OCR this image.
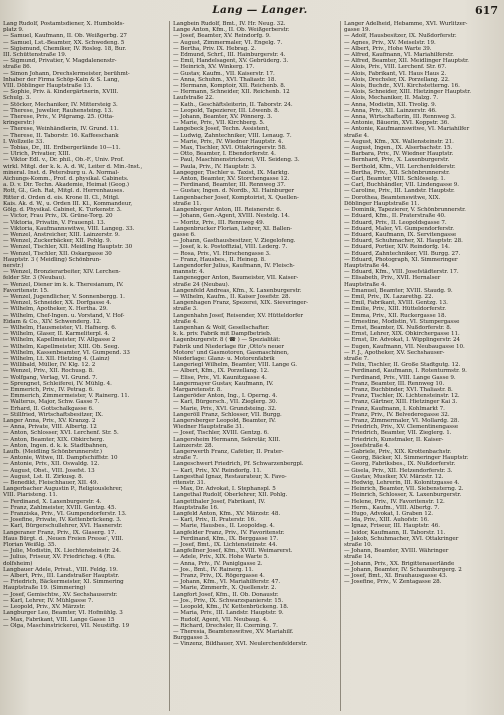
Lang — Langer.	617
Lang Rudolf, Postamtsdiener, X. Humbolds-
platz 9.
— Samuel, Kaufmann, II. Ob. Weißgerbg. 27
— Samuel, Lst.-Beamter, XX. Schwedeng. 5
— Sigismund, Chemiker, IV. Rosleg. 18, Bur.
III. Schüttenstraße 19.
— Sigmund, Privatier, V. Magdalenenstr-
straße 86.
— Simon Johann, Drechslermeister, berühmt-
Inhaber der Firma Schöp-Kain & S. Lang,
VIII. Döblinger Hauptstraße 13.
— Sophie, Priv. ä. Kindergärtnerin, XVIII.
Schulg. 3.
— Stöcker, Mechaniker, IV. Mittersteig 3.
— Therese, Juwelier, Rauhensteing. 13.
— Therese, Priv., V. Pilgramg. 25. (Otta-
kringerstr.)
— Therese, Weinhändlerin, IV. Grund. 11.
— Therese, II. Taborstr. 16. Kaffeeschank
I. Wollzeile 33.
— Tobias, Dr., III. Erdbergerlände 10—11.
— Ulrich, Privatier, XIII.
— Viktor Edl. v., Dr. phil., Ob.-F., Univ. Prof.
wirkl. Mitgl. der k. k. A. d. W., Leiter d. Min.-Inst.,
mineral. Inst. d. Petersburg u. A. Normal-
Aichungs-Komm., Prof. d. physikal. Cabinets.
a. D. v. Dir. Techn. Akademie, Heimat (Geog.)
Rott, Gl., Geh. Rat, Mitgl. d. Herrenhauses.
Ritter d. Orden d. eis. Krone II. Cl., Mitgl.
Kais. Ak. d. W., u. Orden III. Kl., Kommandeur,
Gölg. d. Physikal. Cabinet, K. Turkenstr. 3.
— Victor, Frau Priv., IX. Grüne-Torg. 20
— Viktoria, Privatin, V. Frauenpl. 13.
— Viktoria, Kaufmannswitwe, VIII. Langeg. 33.
— Wenzel, Anstreicher, XIII. Lainzerstr. 9.
— Wenzel, Zuckerbäcker, XII. Pohlg. 9.
— Wenzel, Tischler, XII. Meidling Hauptstr. 30
— Wenzel, Tischler, XII. Oskargasse 30
Hauptstr. 3 ( Meidling) Schönbrun-
nerstr.)
— Wenzel, Bronzierarbeiter, XIV. Lerchen-
felder Str. 3 (Neubau).
— Wenzel, Diener im k. k. Theresianum, IV.
Favoritenstr. 15.
— Wenzel, Jugendlicher, V. Sonnenbergg. 1.
— Wenzel, Schneider, XX. Dorfgasse 4.
— Wilhelm, Apotheker, X. Hertha. 29.
— Wilhelm, Chef-Ingen. u. Vorstand, V. Hof-
Eidam & Co., XIV. Schwenderg. 12.
— Wilhelm, Hausmeister, VI. Hafnerg. 6.
— Wilhelm, Glaser, II. Karmeliterpl. 4.
— Wilhelm, Kapellmeister, IV. Allgasse 2
— Wilhelm, Kapellmeister, XIII. Ob. Seeg.
— Wilhelm, Kassenbeamter, VI. Gumpend. 33
— Wilhelm, Lt. XII. Hietzing 4. (Lainz)
— Willibald, Müller, IV. Klg. 12. 2
— Wenzel, Priv., XII. Rochusg. 8.
— Wolfgang, Verlag, VI. Grund. 7.
— Sprengnet, Schleiferei, IV. Mühlg. 4.
— Emmerich, Priv., IV. Petrag. 6.
— Emmerich, Zimmermeister, V. Rainerg. 11.
— Walterus, Major, Schw. Gasse 7.
— Erhard, II. Gottschalkgasse 6.
— Stillfried, Wirtschaftsbesitzer, IX.
Langer Anna, Priv., XV. Kranzg. 2
— Anna, Private, VIII. Albertg. 12
— Anton, Schlosser, XVI. Lerchenf. Str. 5.
— Anton, Beamter, XIX. Obkircherg.
— Anton, Ingen. d. k. k. Stadtbahnen,
Laufb. (Meidling Schönbrunnerstr.)
— Antonie, Witwe, III. Dampfschiffstr. 10
— Antonie, Priv., XII. Oswaldg. 12.
— August, Obst., VIII. Josefst. 13
— August, Lst. II. Zirkusg. 8.
— Benedikt, Fleischhauer, XII. 49.
Langerbacher Augustin P., Religiouslehrer,
VIII. Piaristeng. 11.
— Ferdinand, X. Laxenburgerstr. 4.
— Franz, Zahlmeister, XVIII. Gentzg. 45.
— Franziska, Priv., VI. Gumpendorferstr. 13.
— Josefine, Private, IV. Kettenbrückeng. 3.
— Karl, Bürgerschullehrer, XVI. Hasnerstr.
Langeraner Franz, Priv., IX. Glaserg. 17.
Haus Bürgt. d. ‚Neuen Freien Presse‘, VIII.
Florian Weißlg. 35.
— Julie, Modistin, IX. Liechtensteinstr. 24.
— Julius, Friseur, XV. Friedrichsg. 4 (Ru.
dolfsheim)
Langbauer Adele, Privat., VIII. Feldg. 19.
— Albert, Priv., III. Landstraßer Hauptstr.
— Friedrich, Bäckermeister, XI. Simmering
Hauptstraße 19. (Simmering)
— Josef, Gemischtw., XV. Sechshauserstr.
— Karl, Lehrer, IV. Mühlgasse 7.
— Leopold, Priv., XV. Märzstr.
Langburger Leo, Beamter, VI. Hofmühlg. 3
— Max, Fabrikant, VIII. Lange Gasse 15
— Olga, Maschinstrickerei, VII. Neustiftg. 19
Langbein Rudolf, Bmt., IV. Hr. Neug. 32.
Lange Anton, Kfm., II. Ob. Weißgerberstr.
— Josef, Beamter, XV. Reindorfg. 9.
— August, Zimmermaler, VI. Engelg. 7.
— Bertha, Priv. IX. Hebrag. 2.
— Edmund, Schrf., III. Hainburgerstr. 4.
— Emil, Handelsagent, XV. Gebrüderg. 3.
— Heinrich, XV. Winkerg. 17.
— Gustav, Kaufm., VII. Kaiserstr. 17.
— Anna, Schuhm., XVI. Thaliastr. 18.
— Hermann, Komptoir, XII. Reichenb. 8.
— Hermann, Schneider, XII. Reichenb. 12
Laufstraße 22.
— Kath., Geschäftsleiterin, II. Taborstr. 24.
— Leopold, Tapezierer, III. Löwenb. 8.
— Johann, Beamter, XV. Pönnerg. 3.
— Marie, Priv., VII. Kirchberg. 5.
Langebeck Josef, Techn. Assistent,
— Ludwig, Zahntechniker, VIII. Lenaug. 7.
— Marie, Priv., IV. Wiedner Hauptstr. 4.
— Max, Tischler, XVI. Ottakringerstr. 58.
— Otto, Beamter, I. Ebendorferstr. 4.
— Paul, Maschinenstrickerei, VII. Seideng. 3.
— Paula, Priv., IV. Hauptstr. 3.
Langegger, Tischler u. Taxist, IX. Marktg.
— Anton, Beamter, XV. Storchengasse 12.
— Ferdinand, Beamter, III. Rennweg 37.
— Gustav, Ingen. d. Nordb., XI. Hainburger
Langenbacher Josef, Komptoirist, X. Quellen-
straße 11.
Langenberger Anton, III. Reisnerstr. 6.
— Johann, Gen.-Agent, XVIII. Nestelg. 14.
— Moritz, Priv., III. Rennweg 49.
Langenbrucker Florian, Lehrer, XI. Ballen-
gasse 6.
— Johann, Gasthausbesitzer, V. Ziegelofeng.
— Josef, k. k. Postoffizial, VIII. Lederg. 7.
— Rosa, Priv., VI. Hirschengasse 3.
— Franz, Hausbes., II. Heineg. 8.
Langendorfer Julius, Kaufmann, IV. Fleisch-
mannstr. 4.
Langenegger Anton, Baumeister, VII. Kaiser-
straße 24 (Neubau).
Langenfeld Andreas, Kfm., X. Laxenburgerstr.
— Wilhelm, Kaufm., II. Kaiser Josefstr. 28.
Langenhagen Franz, Spezerei, XIX. Sieveringer-
straße 3.
Langenhahn Josef, Reisender, XV. Hütteldorfer
straße 4.
Langenhan & Wolf, Gesellschafter.
k. k. priv. Fabrik mit Dampfbetrieb.
Lagenburgerstr. 8 ( ☎ ) — Spezialität:
Fabrik und Niederlage für ,Otto's neuer
Motore' und Gasmotoren, Gasmaschinen,
Niederlage: Glanz- u. Motorenfabrik
Langeriegl Wilhelm, Beamter, VIII. Lange G.
— Albert, Kfm., IX. Porzellang. 12.
— Elise, Priv., VI. Kaunitzgasse 4.
Langermayer Gustav, Kaufmann, IV.
Margaretenstr. 8.
Langeröder Anton, Ing., I. Operng. 4.
— Karl, Bürgersch., VII. Zieglerg. 30.
— Marie, Priv., XVI. Grundsteing. 32.
Langeröll Franz, Schlosser, VII. Burgg.
Langersberger Leopold, Beamter, IV.
Wiedner Hauptstraße 31.
— Josef, Tischler, XVIII. Gentzg. 6.
Langersheim Hermann, Sekretär, XIII.
Lainzerstr. 28.
Langerwerth Franz, Cafétier, II. Prater-
straße 7.
Langeschwert Friedrich, Pf. Schwarzenbergpl.
— Karl, Priv., XV. Reindorfg. 11.
Langesthal Ignaz, Restaurateur, X. Favo-
ritenstr. 31.
— Max, Dr. Advokat, I. Stephanspl. 5
Langethal Rudolf, Oberlehrer, XII. Pohlg.
Langetthaler Josef, Fabrikant, IV.
Hauptstraße 16.
Langfeld Anton, Kfm., XV. Märzstr. 48.
— Karl, Priv., II. Praterstr. 16.
— Marie, Hausbes., II. Leopoldsg. 4.
Langfelder Franz, Priv., IV. Favoritenstr.
— Ferdinand, Kfm., IX. Berggasse 17.
— Josef, Bmt., IX. Lichtensteinstr. 44.
Langfellner Josef, Kfm., XVIII. Weimarerst.
— Adele, Priv., XIX. Hohe Warte 5.
— Anna, Priv., IV. Paniglgasse 2.
— Jos., Bmt., IV. Rainerg. 11.
— Franz, Priv., IX. Rögergasse 4.
— Johann, Kfm., VI. Mariahilferstr. 47.
— Marie, Zimmerfr., X. Quellenstr. 2.
Langfort Josef, Kfm., II. Ob. Donaustr.
— Jos., Priv., IX. Schwarzspanierstr. 15.
— Leopold, Kfm., IV. Kettenbrückeng. 18.
— Maria, Priv., III. Landstr. Hauptstr. 9.
— Rudolf, Agent, VII. Neubaug. 4.
— Richard, Drechsler, II. Czerning. 7.
— Theresia, Beamtenswitwe, XV. Mariahilf.
Burggasse 3.
— Vinzenz, Bildhauer, XVI. Neulerchenfelderstr.
Langer Adelheid, Hebamme, XVI. Wurlitzer-
gasse 19.
— Adolf, Hausbesitzer, IX. Nußdorferstr.
— Agnes, Priv., XV. Meiselstr. 19.
— Albert, Priv., Hohe Warte 39.
— Alfred, Kaufmann, VI. Mariahilferstr.
— Alfred, Beamter, XII. Meidlinger Hauptstr.
— Alois, Priv., VIII. Lerchenf. Str. 67.
— Alois, Fabrikant, VI. Haus Haus 2.
— Alois, Drechsler, IX. Porzellang. 22.
— Alois, Buchdr., XVI. Kirchstetterng. 16.
— Alois, Schneider, XIII. Hietzinger Hauptstr.
— Alois, Mechaniker, II. Malzg. 7.
— Anna, Modistin, XII. Tivolig. 9.
— Anna, Priv., XII. Lainzerstr. 46.
— Anna, Wirtschafterin, III. Rennweg 3.
— Antonie, Bäuerin, XVI. Koppstr. 36.
— Antonie, Kaufmannswitwe, VI. Mariahilfer
straße 4.
— August, Kfm., XX. Wallensteinstr. 21.
— August, Ingen., IX. Alserbachstr. 15.
— Barbara, Priv., IV. Wiedner Hauptstr.
— Bernhard, Priv., X. Laxenburgerstr.
— Berthold, Kfm., VII. Lerchenfelderstr.
— Bertha, Priv., XII. Schönbrunnerstr.
— Carl, Beamter, VIII. Schlösselg. 1.
— Carl, Buchhändler, VII. Lindengasse 9.
— Caroline, Priv., III. Landstr. Hauptstr.
— Dorothea, Beamtenswitwe, XIX.
Döblinger Hauptstraße 11.
— Dominik, Tapezierer, V. Schönbrunnerstr.
— Eduard, Kfm., II. Praterstraße 40.
— Eduard, Priv., II. Leopoldsgasse 7.
— Eduard, Maler, VI. Gumpendorferstr.
— Eduard, Kaufmann, IX. Servitengasse
— Eduard, Schuhmacher, XI. Hauptstr. 28.
— Eduard, Portier, XIV. Reindorfg. 14.
— Eduard, Zahntechniker, VII. Burgg. 27.
— Eduard, Photograph, XI. Simmeringer
Hauptstraße 44.
— Eduard, Kfm., VIII. Josefstädterstr. 17.
— Elisabeth, Priv., XVII. Hernalser
Hauptstraße 4.
— Emanuel, Beamter, XVIII. Staudg. 9.
— Emil, Priv., IX. Lazarethg. 22.
— Emil, Fabrikant, XVIII. Gentzg. 13.
— Emilie, Priv., XIII. Hütteldorferstr.
— Emma, Priv., XII. Ruckergasse 18.
— Ernestine, Modistin, VI. Stumpergasse
— Ernst, Beamter, IX. Nußdorferstr. 8.
— Ernst, Lehrer, XIX. Obkirchergasse 11.
— Ernst, Dr. Advokat, I. Wipplingerstr. 24
— Eugen, Kaufmann, VII. Neubaugasse 10.
— F. J., Apotheker, XV. Sechshauser-
straße 7.
— Felix, Tischler, II. Große Stadtgutg. 12.
— Ferdinand, Kaufmann, I. Rotenturmstr. 9.
— Ferdinand, Priv., VIII. Lange Gasse 9.
— Franz, Beamter, III. Rennweg 10.
— Franz, Buchbinder, XVI. Thaliastr. 8.
— Franz, Tischler, IX. Lichtensteinstr. 12.
— Franz, Gärtner, XIII. Hietzinger Kai 3.
— Franz, Kaufmann, I. Kohlmarkt 7.
— Franz, Priv., IV. Belvederegasse 32.
— Franz, Zimmermaler, VI. Mollardg. 28.
— Friedrich, Priv., XV. Clementinengasse
— Friedrich, Beamter, VII. Zieglerg. 1.
— Friedrich, Kunstmaler, II. Kaiser-
— Josefstraße 4.
— Gabriele, Priv., XIX. Krottenbachstr.
— Georg, Bäcker, XI. Simmeringer Hauptstr.
— Georg, Fabriksbes., IX. Nußdorferstr.
— Gisela, Priv., XII. Hetzendorferstr. 3.
— Gustav, Musiker, XV. Märzstr. 12.
— Hedwig, Lehrerin, III. Kolonitzgasse 4.
— Heinrich, Beamter, VII. Siebensterng. 2.
— Heinrich, Schlosser, X. Laxenburgerstr.
— Helene, Priv., IV. Favoritenstr. 12.
— Herm., Kaufm., VIII. Albertg. 7.
— Hugo, Advokat, I. Graben 12.
— Ida, Priv., XIII. Auhofstr. 16.
— Ignaz, Friseur, III. Hauptstr. 46.
— Isidor, Kaufmann, II. Taborstr. 11.
— Jakob, Schuhmacher, XVI. Ottakringer
straße 10.
— Johann, Beamter, XVIII. Währinger
straße 14.
— Johann, Priv., XX. Brigittenauerlände
— Johann, Beamter, IV. Schaumburgerg. 2
— Josef, Bmt., XI. Brauhausgasse 43.
— Josefine, Priv., V. Zentagasse 28.
